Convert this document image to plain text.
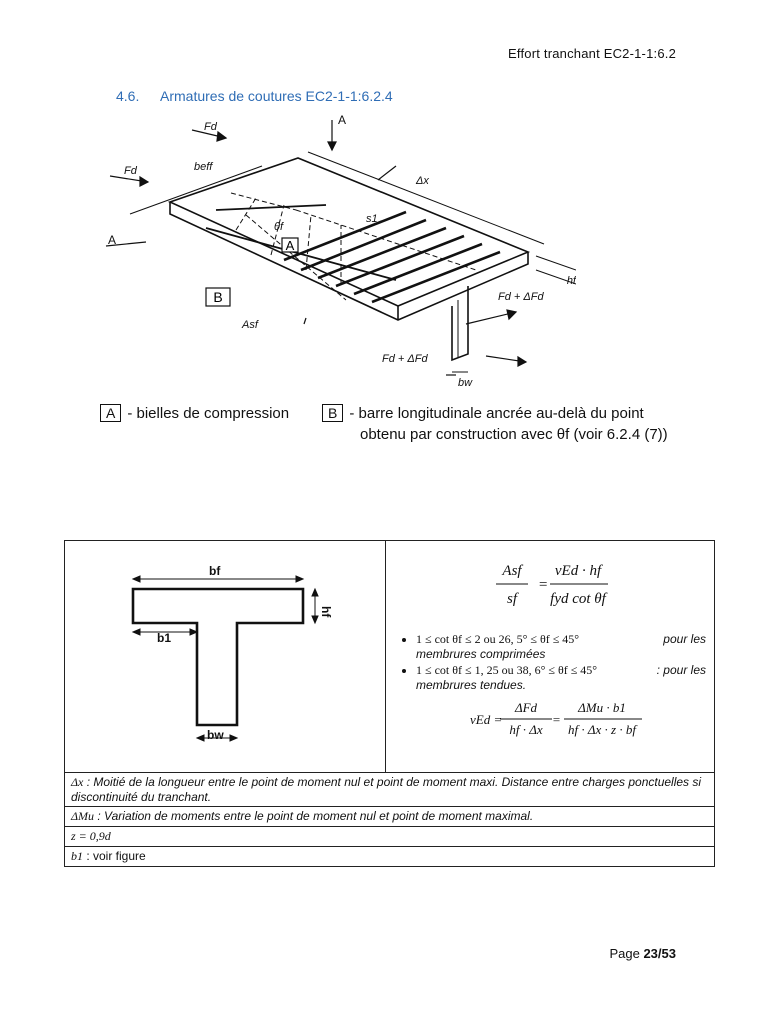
Effort tranchant EC2-1-1:6.2
4.6. Armatures de coutures EC2-1-1:6.2.4
A
B
Fd
Fd	beff
Δx
s1
θf
Asf
hf
Fd + ΔFd
Fd + ΔFd
bw
A
A
A - bielles de compression	B - barre longitudinale ancrée au-delà du point
obtenu par construction avec θf (voir 6.2.4 (7))
bf
hf
b1
bw

Asf
sf
=
νEd · hf
fyd cot θf
• 1 ≤ cot θf ≤ 2 ou 26, 5° ≤ θf ≤ 45°	pour les

membrures comprimées
• 1 ≤ cot θf ≤ 1, 25 ou 38, 6° ≤ θf ≤ 45°	: pour les

membrures tendues.
νEd =
ΔFd
hf · Δx
=
ΔMu · b1
hf · Δx · z · bf

Δx : Moitié de la longueur entre le point de moment nul et point de moment maxi. Distance entre charges ponctuelles si discontinuité du tranchant.
ΔMu : Variation de moments entre le point de moment nul et point de moment maximal.
z = 0,9d
b1 : voir figure
Page 23/53
